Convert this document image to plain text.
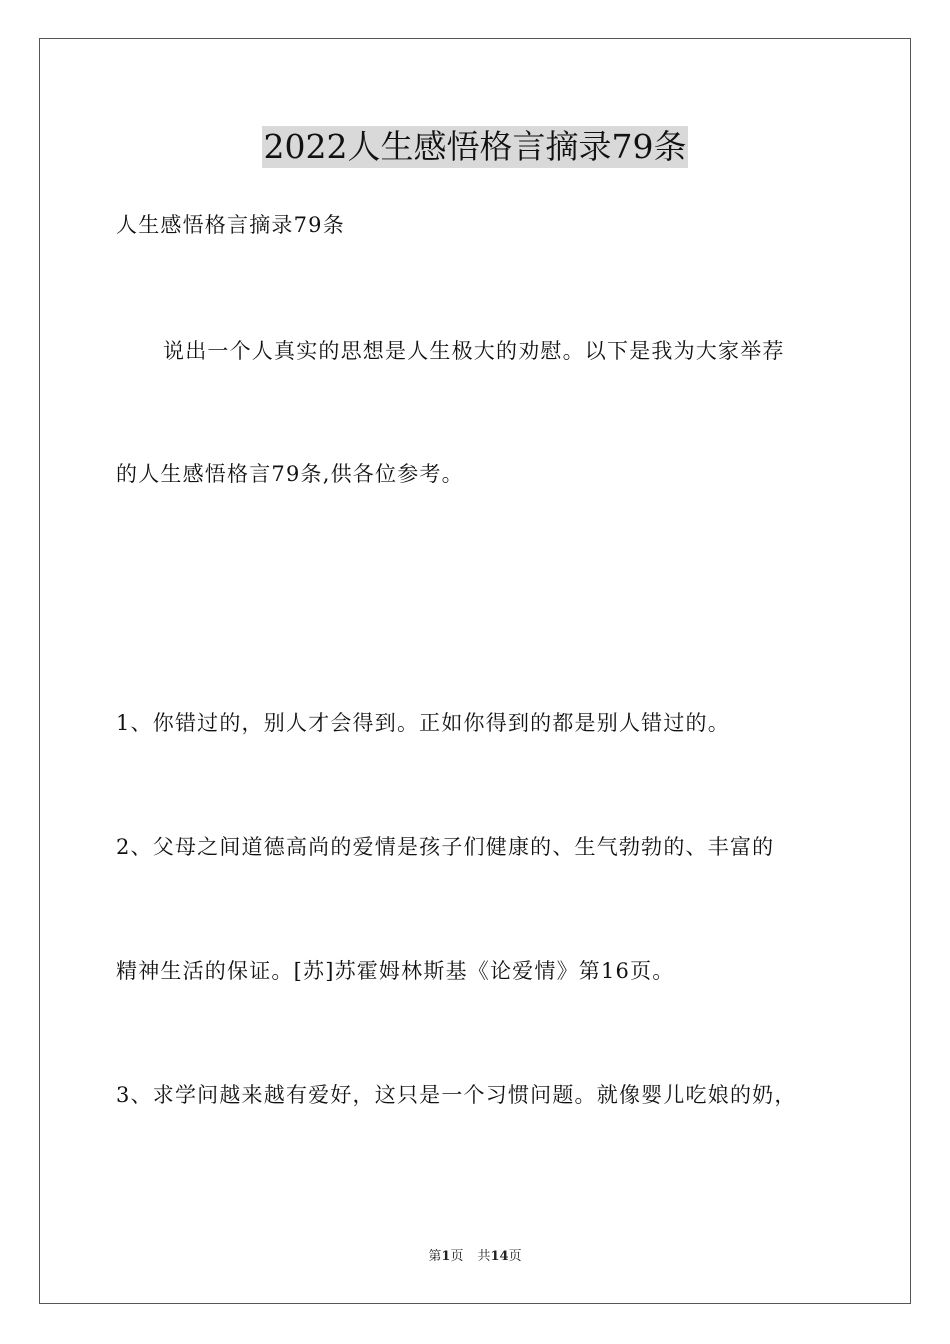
2022人生感悟格言摘录79条
人生感悟格言摘录79条
说出一个人真实的思想是人生极大的劝慰。以下是我为大家举荐
的人生感悟格言79条,供各位参考。
1、你错过的，别人才会得到。正如你得到的都是别人错过的。
2、父母之间道德高尚的爱情是孩子们健康的、生气勃勃的、丰富的
精神生活的保证。[苏]苏霍姆林斯基《论爱情》第16页。
3、求学问越来越有爱好，这只是一个习惯问题。就像婴儿吃娘的奶，
第1页 共14页
